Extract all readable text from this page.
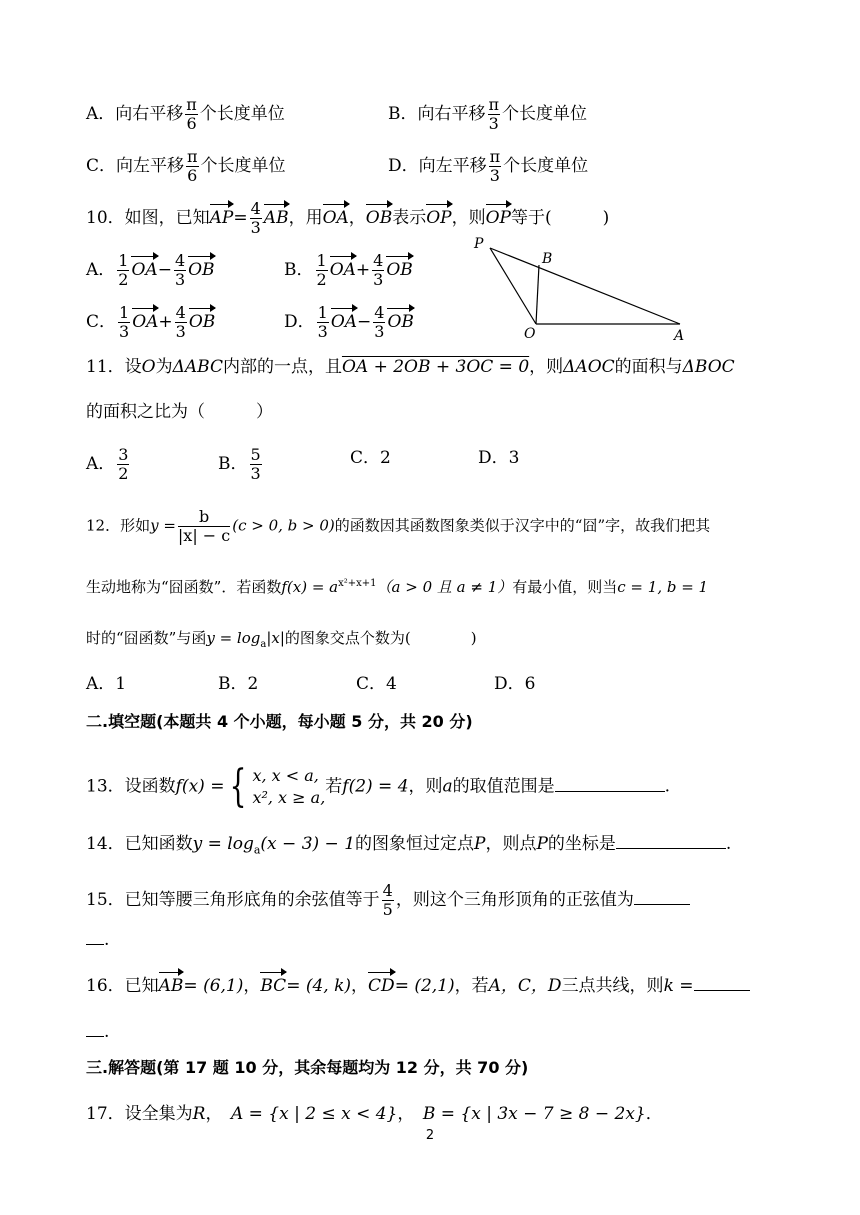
A．向右平移 $\frac{\pi}{6}$ 个长度单位	B．向右平移 $\frac{\pi}{3}$ 个长度单位
C．向左平移 $\frac{\pi}{6}$ 个长度单位	D．向左平移 $\frac{\pi}{3}$ 个长度单位
10．如图，已知$AP= \frac{4}{3}$ AB，用OA，OB表示OP，则OP等于(　　　)
A． $\frac{1}{2} OA- \frac{4}{3}$ OB	B． $\frac{1}{2} OA+ \frac{4}{3}$ OB
C． $\frac{1}{3} OA+ \frac{4}{3}$ OB	D． $\frac{1}{3} OA- \frac{4}{3}$ OB
P
B
O	A
11．设O为ΔABC内部的一点，且OA + 2OB + 3OC = 0，则ΔAOC的面积与ΔBOC
的面积之比为（　　　）
A． $\frac{3}{2}$	B． $\frac{5}{3}$	C．2	D．3
12．形如$y = \frac{b}{|x| - c} (c > 0$, b > 0)的函数因其函数图象类似于汉字中的“囧”字，故我们把其
生动地称为“囧函数”．若函数$f(x) = a^{x^2+x+1}(a > 0$ 且 a ≠ 1）有最小值，则当c = 1, b = 1
时的“囧函数”与函$y = \log_a|x|$的图象交点个数为(　　　　)
A．1	B．2	C．4	D．6
二.填空题(本题共 4 个小题，每小题 5 分，共 20 分)
13．设函数f(x) = { x, x < a,
x², x ≥ a,
若f(2) = 4，则a的取值范围是	.
14．已知函数$y = \log_a(x - 3) - 1$的图象恒过定点P，则点P的坐标是	.
15．已知等腰三角形底角的余弦值等于 $\frac{4}{5}$ ，则这个三角形顶角的正弦值为
.
16．已知AB= (6,1)，BC= (4, k)，CD= (2,1)，若A，C，D三点共线，则k =
.
三.解答题(第 17 题 10 分，其余每题均为 12 分，共 70 分)
17．设全集为R，　A = {x | 2 ≤ x < 4}，　B = {x | 3x − 7 ≥ 8 − 2x}．
2
